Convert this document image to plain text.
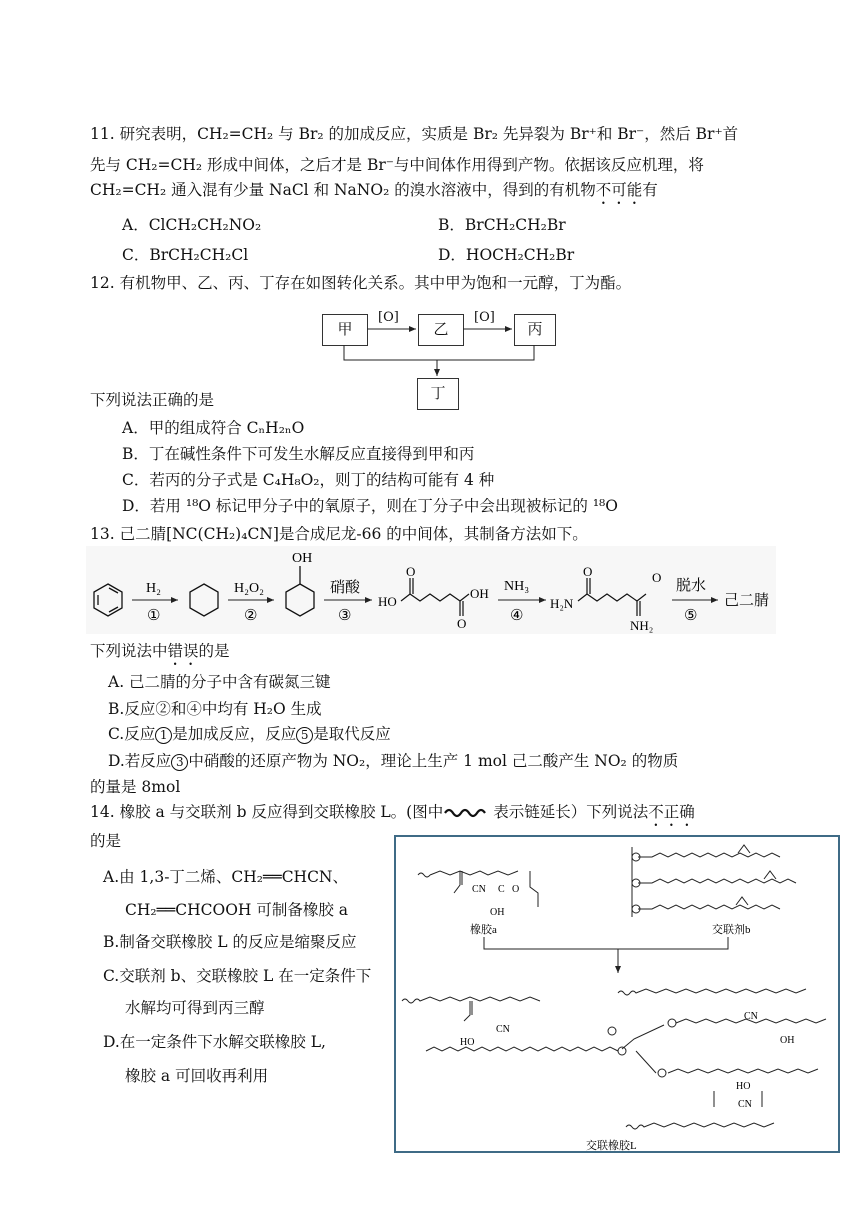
11. 研究表明，CH₂=CH₂ 与 Br₂ 的加成反应，实质是 Br₂ 先异裂为 Br⁺和 Br⁻，然后 Br⁺首
先与 CH₂=CH₂ 形成中间体，之后才是 Br⁻与中间体作用得到产物。依据该反应机理，将
CH₂=CH₂ 通入混有少量 NaCl 和 NaNO₂ 的溴水溶液中，得到的有机物不可能有
A．ClCH₂CH₂NO₂	B．BrCH₂CH₂Br
C．BrCH₂CH₂Cl	D．HOCH₂CH₂Br
12. 有机物甲、乙、丙、丁存在如图转化关系。其中甲为饱和一元醇，丁为酯。
甲	乙	丙
丁
[O]	[O]
下列说法正确的是
A．甲的组成符合 CₙH₂ₙO
B．丁在碱性条件下可发生水解反应直接得到甲和丙
C．若丙的分子式是 C₄H₈O₂，则丁的结构可能有 4 种
D．若用 ¹⁸O 标记甲分子中的氧原子，则在丁分子中会出现被标记的 ¹⁸O
13. 己二腈[NC(CH₂)₄CN]是合成尼龙-66 的中间体，其制备方法如下。
H₂
①
H₂O₂
②
OH
硝酸
③
HO
OH
O
O
NH₃
④
H₂N
NH₂
O	O
脱水
⑤
己二腈
下列说法中错误的是
A. 己二腈的分子中含有碳氮三键
B.反应②和④中均有 H₂O 生成
C.反应 1 是加成反应，反应 5 是取代反应
D.若反应 3 中硝酸的还原产物为 NO₂，理论上生产 1 mol 己二酸产生 NO₂ 的物质
的量是 8mol
14. 橡胶 a 与交联剂 b 反应得到交联橡胶 L。(图中	表示链延长）下列说法不正确
的是
A.由 1,3-丁二烯、CH₂══CHCN、
CH₂══CHCOOH 可制备橡胶 a
B.制备交联橡胶 L 的反应是缩聚反应
C.交联剂 b、交联橡胶 L 在一定条件下
水解均可得到丙三醇
D.在一定条件下水解交联橡胶 L,
橡胶 a 可回收再利用
CN C O
OH
橡胶a	交联剂b
CN
HO
CN
OH
HO
CN
交联橡胶L
